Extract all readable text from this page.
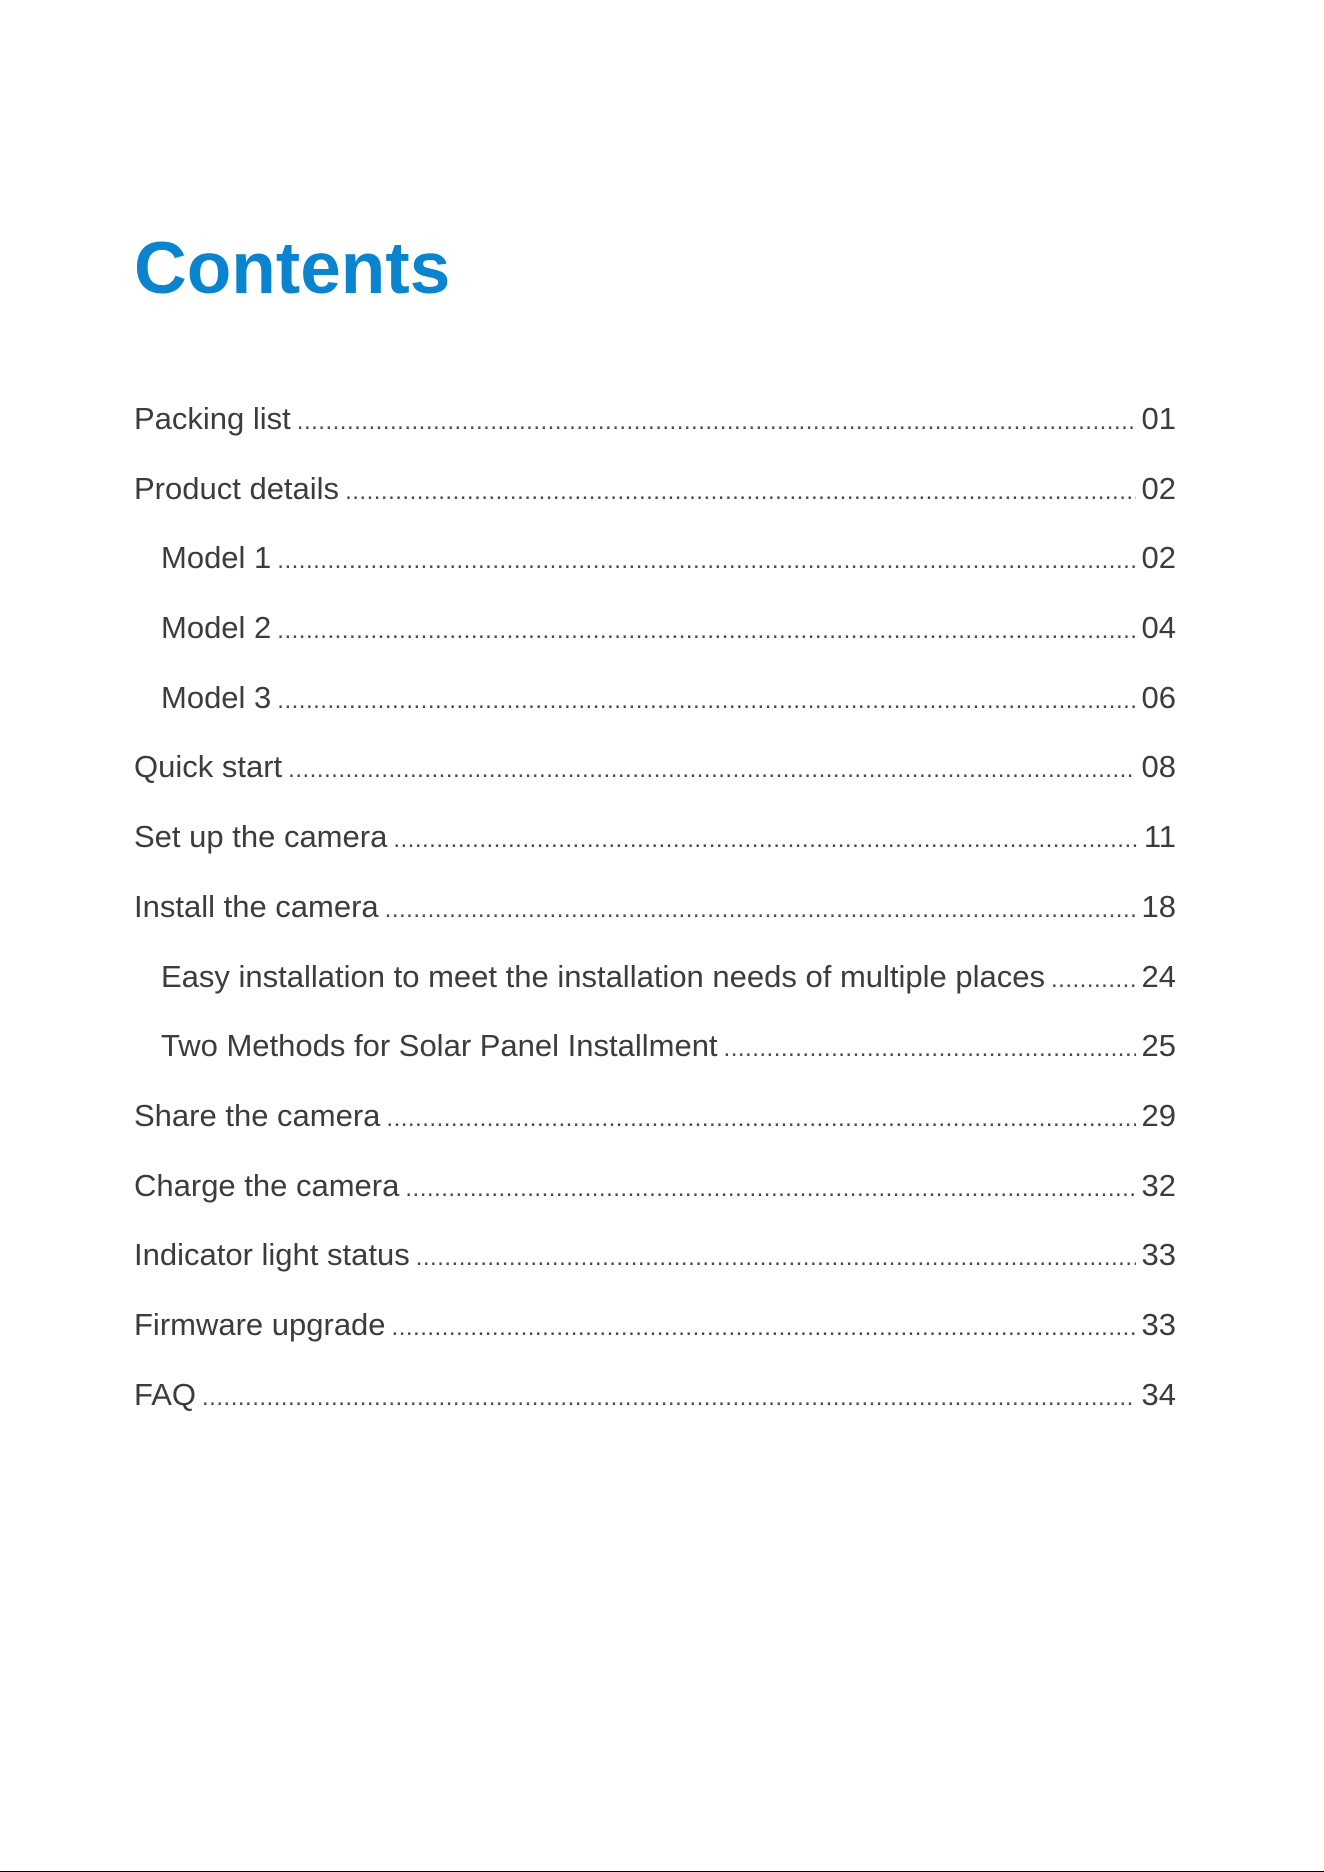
Contents
Packing list .....	01
Product details .....	02
Model 1 .....	02
Model 2 .....	04
Model 3 .....	06
Quick start .....	08
Set up the camera .....	11
Install the camera .....	18
Easy installation to meet the installation needs of multiple places .....	24
Two Methods for Solar Panel Installment .....	25
Share the camera .....	29
Charge the camera .....	32
Indicator light status .....	33
Firmware upgrade .....	33
FAQ .....	34
